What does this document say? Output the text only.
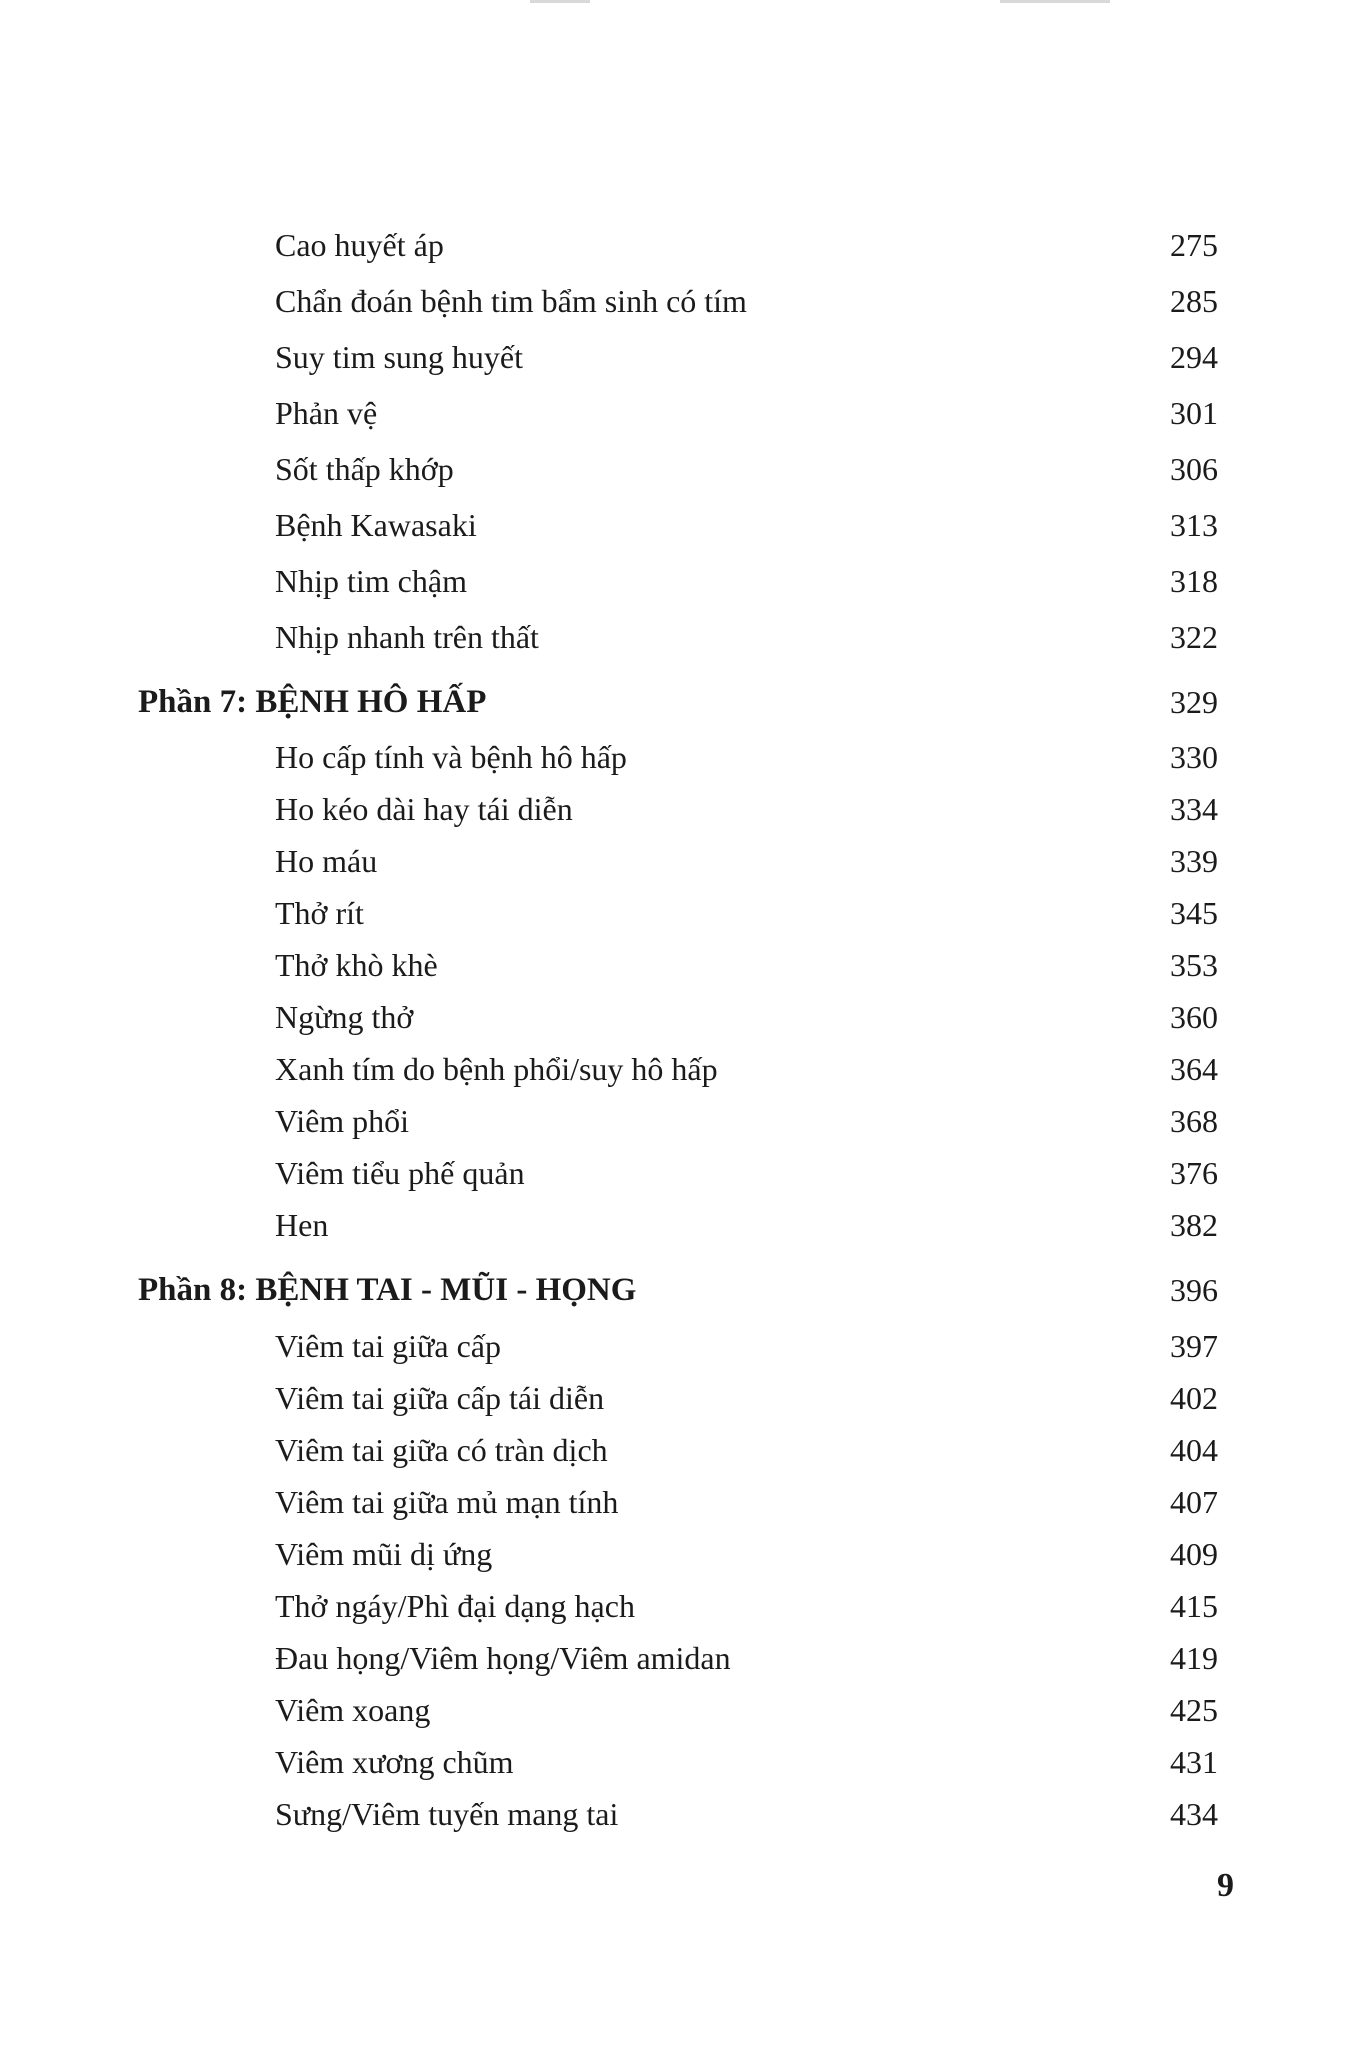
Cao huyết áp	275
Chẩn đoán bệnh tim bẩm sinh có tím	285
Suy tim sung huyết	294
Phản vệ	301
Sốt thấp khớp	306
Bệnh Kawasaki	313
Nhịp tim chậm	318
Nhịp nhanh trên thất	322
Phần 7: BỆNH HÔ HẤP	329
Ho cấp tính và bệnh hô hấp	330
Ho kéo dài hay tái diễn	334
Ho máu	339
Thở rít	345
Thở khò khè	353
Ngừng thở	360
Xanh tím do bệnh phổi/suy hô hấp	364
Viêm phổi	368
Viêm tiểu phế quản	376
Hen	382
Phần 8: BỆNH TAI - MŨI - HỌNG	396
Viêm tai giữa cấp	397
Viêm tai giữa cấp tái diễn	402
Viêm tai giữa có tràn dịch	404
Viêm tai giữa mủ mạn tính	407
Viêm mũi dị ứng	409
Thở ngáy/Phì đại dạng hạch	415
Đau họng/Viêm họng/Viêm amidan	419
Viêm xoang	425
Viêm xương chũm	431
Sưng/Viêm tuyến mang tai	434
9
